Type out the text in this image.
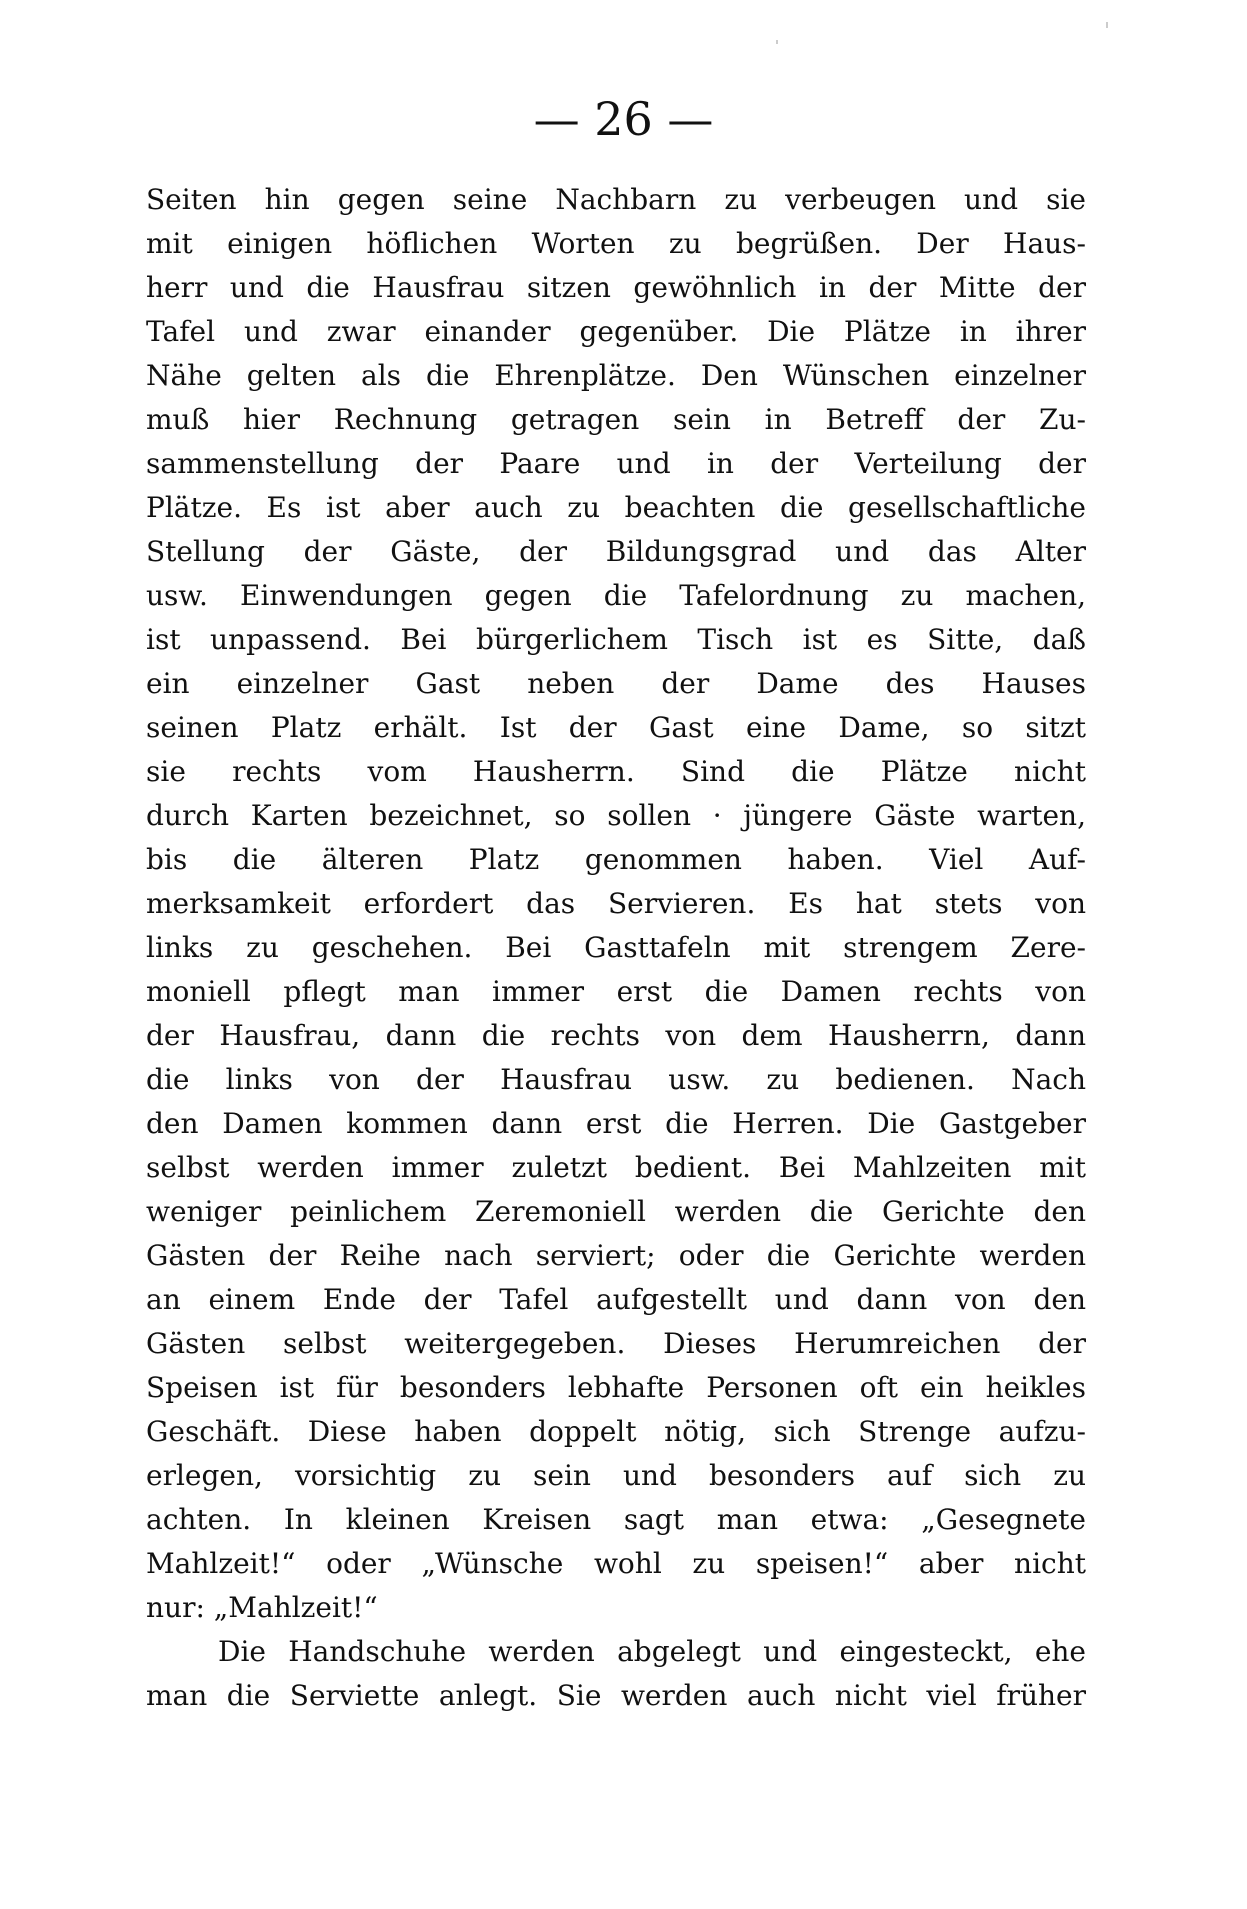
— 26 —
Seiten hin gegen seine Nachbarn zu verbeugen und sie
mit einigen höflichen Worten zu begrüßen. Der Haus-
herr und die Hausfrau sitzen gewöhnlich in der Mitte der
Tafel und zwar einander gegenüber. Die Plätze in ihrer
Nähe gelten als die Ehrenplätze. Den Wünschen einzelner
muß hier Rechnung getragen sein in Betreff der Zu-
sammenstellung der Paare und in der Verteilung der
Plätze. Es ist aber auch zu beachten die gesellschaftliche
Stellung der Gäste, der Bildungsgrad und das Alter
usw. Einwendungen gegen die Tafelordnung zu machen,
ist unpassend. Bei bürgerlichem Tisch ist es Sitte, daß
ein einzelner Gast neben der Dame des Hauses
seinen Platz erhält. Ist der Gast eine Dame, so sitzt
sie rechts vom Hausherrn. Sind die Plätze nicht
durch Karten bezeichnet, so sollen · jüngere Gäste warten,
bis die älteren Platz genommen haben. Viel Auf-
merksamkeit erfordert das Servieren. Es hat stets von
links zu geschehen. Bei Gasttafeln mit strengem Zere-
moniell pflegt man immer erst die Damen rechts von
der Hausfrau, dann die rechts von dem Hausherrn, dann
die links von der Hausfrau usw. zu bedienen. Nach
den Damen kommen dann erst die Herren. Die Gastgeber
selbst werden immer zuletzt bedient. Bei Mahlzeiten mit
weniger peinlichem Zeremoniell werden die Gerichte den
Gästen der Reihe nach serviert; oder die Gerichte werden
an einem Ende der Tafel aufgestellt und dann von den
Gästen selbst weitergegeben. Dieses Herumreichen der
Speisen ist für besonders lebhafte Personen oft ein heikles
Geschäft. Diese haben doppelt nötig, sich Strenge aufzu-
erlegen, vorsichtig zu sein und besonders auf sich zu
achten. In kleinen Kreisen sagt man etwa: „Gesegnete
Mahlzeit!“ oder „Wünsche wohl zu speisen!“ aber nicht
nur: „Mahlzeit!“
Die Handschuhe werden abgelegt und eingesteckt, ehe
man die Serviette anlegt. Sie werden auch nicht viel früher
